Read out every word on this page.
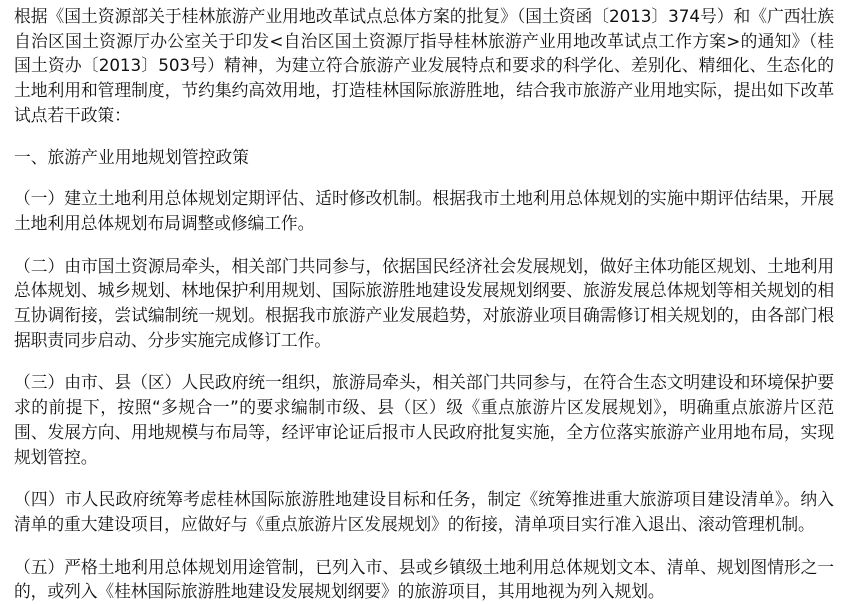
根据《国土资源部关于桂林旅游产业用地改革试点总体方案的批复》（国土资函〔2013〕374号）和《广西壮族自治区国土资源厅办公室关于印发<自治区国土资源厅指导桂林旅游产业用地改革试点工作方案>的通知》（桂国土资办〔2013〕503号）精神，为建立符合旅游产业发展特点和要求的科学化、差别化、精细化、生态化的土地利用和管理制度，节约集约高效用地，打造桂林国际旅游胜地，结合我市旅游产业用地实际，提出如下改革试点若干政策：

一、旅游产业用地规划管控政策

（一）建立土地利用总体规划定期评估、适时修改机制。根据我市土地利用总体规划的实施中期评估结果，开展土地利用总体规划布局调整或修编工作。

（二）由市国土资源局牵头，相关部门共同参与，依据国民经济社会发展规划，做好主体功能区规划、土地利用总体规划、城乡规划、林地保护利用规划、国际旅游胜地建设发展规划纲要、旅游发展总体规划等相关规划的相互协调衔接，尝试编制统一规划。根据我市旅游产业发展趋势，对旅游业项目确需修订相关规划的，由各部门根据职责同步启动、分步实施完成修订工作。

（三）由市、县（区）人民政府统一组织，旅游局牵头，相关部门共同参与，在符合生态文明建设和环境保护要求的前提下，按照“多规合一”的要求编制市级、县（区）级《重点旅游片区发展规划》，明确重点旅游片区范围、发展方向、用地规模与布局等，经评审论证后报市人民政府批复实施，全方位落实旅游产业用地布局，实现规划管控。

（四）市人民政府统筹考虑桂林国际旅游胜地建设目标和任务，制定《统筹推进重大旅游项目建设清单》。纳入清单的重大建设项目，应做好与《重点旅游片区发展规划》的衔接，清单项目实行准入退出、滚动管理机制。

（五）严格土地利用总体规划用途管制，已列入市、县或乡镇级土地利用总体规划文本、清单、规划图情形之一的，或列入《桂林国际旅游胜地建设发展规划纲要》的旅游项目，其用地视为列入规划。
